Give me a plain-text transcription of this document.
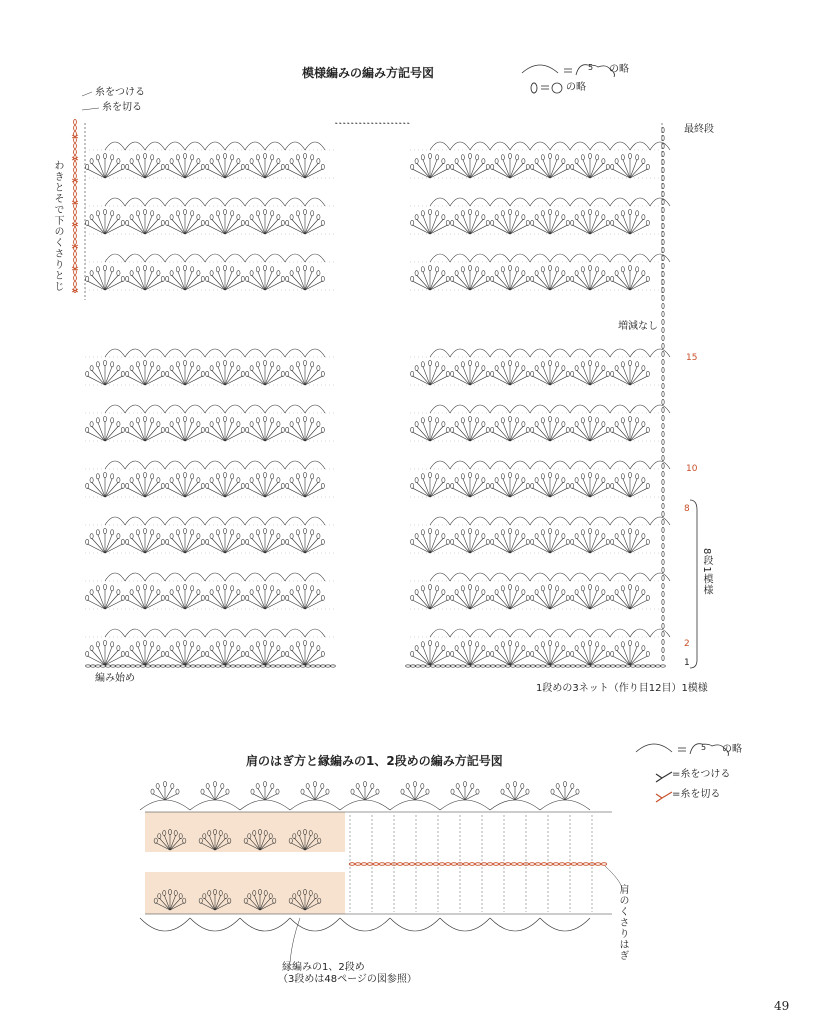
模様編みの編み方記号図	の略
5
の略
糸をつける
糸を切る
わきとそで下のくさりとじ
最終段
増減なし
15
10
8
2
1
8段1模様
編み始め
1段めの3ネット（作り目12目）1模様
肩のはぎ方と縁編みの1、2段めの編み方記号図
の略
5
=糸をつける
=糸を切る
肩のくさりはぎ
縁編みの1、2段め
（3段めは48ページの図参照）
49
